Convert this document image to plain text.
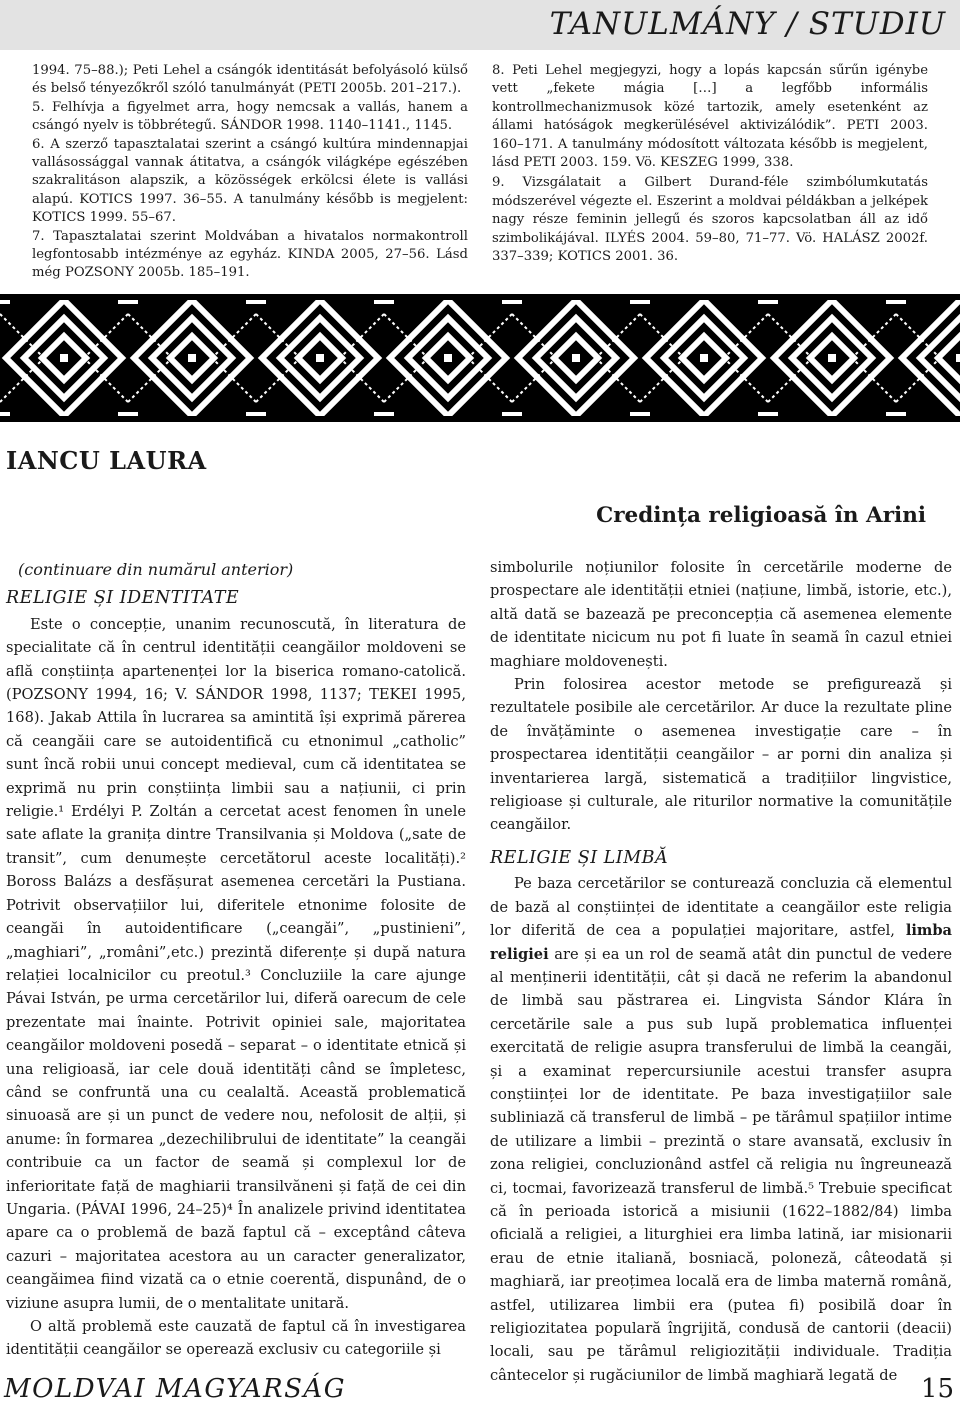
TANULMÁNY / STUDIU

1994. 75–88.); Peti Lehel a csángók identitását befolyásoló külső és belső tényezőkről szóló tanulmányát (PETI 2005b. 201–217.).

5. Felhívja a figyelmet arra, hogy nemcsak a vallás, hanem a csángó nyelv is többrétegű. SÁNDOR 1998. 1140–1141., 1145.

6. A szerző tapasztalatai szerint a csángó kultúra mindennapjai vallásossággal vannak átitatva, a csángók világképe egészében szakralitáson alapszik, a közösségek erkölcsi élete is vallási alapú. KOTICS 1997. 36–55. A tanulmány később is megjelent: KOTICS 1999. 55–67.

7. Tapasztalatai szerint Moldvában a hivatalos normakontroll legfontosabb intézménye az egyház. KINDA 2005, 27–56. Lásd még POZSONY 2005b. 185–191.

8. Peti Lehel megjegyzi, hogy a lopás kapcsán sűrűn igénybe vett „fekete mágia […] a legfőbb informális kontrollmechanizmusok közé tartozik, amely esetenként az állami hatóságok megkerülésével aktivizálódik”. PETI 2003. 160–171. A tanulmány módosított változata később is megjelent, lásd PETI 2003. 159. Vö. KESZEG 1999, 338.

9. Vizsgálatait a Gilbert Durand-féle szimbólumkutatás módszerével végezte el. Eszerint a moldvai példákban a jelképek nagy része feminin jellegű és szoros kapcsolatban áll az idő szimbolikájával. ILYÉS 2004. 59–80, 71–77. Vö. HALÁSZ 2002f. 337–339; KOTICS 2001. 36.

IANCU LAURA
Credința religioasă în Arini

(continuare din numărul anterior)

RELIGIE ȘI IDENTITATE

Este o concepție, unanim recunoscută, în literatura de specialitate că în centrul identității ceangăilor moldoveni se află conștiința apartenenței lor la biserica romano-catolică. (POZSONY 1994, 16; V. SÁNDOR 1998, 1137; TEKEI 1995, 168). Jakab Attila în lucrarea sa amintită își exprimă părerea că ceangăii care se autoidentifică cu etnonimul „catholic” sunt încă robii unui concept medieval, cum că identitatea se exprimă nu prin conștiința limbii sau a națiunii, ci prin religie.¹ Erdélyi P. Zoltán a cercetat acest fenomen în unele sate aflate la granița dintre Transilvania și Moldova („sate de transit”, cum denumește cercetătorul aceste localități).² Boross Balázs a desfășurat asemenea cercetări la Pustiana. Potrivit observațiilor lui, diferitele etnonime folosite de ceangăi în autoidentificare („ceangăi”, „pustinieni”, „maghiari”, „români”,etc.) prezintă diferențe și după natura relației localnicilor cu preotul.³ Concluziile la care ajunge Pávai István, pe urma cercetărilor lui, diferă oarecum de cele prezentate mai înainte. Potrivit opiniei sale, majoritatea ceangăilor moldoveni posedă – separat – o identitate etnică și una religioasă, iar cele două identități când se împletesc, când se confruntă una cu cealaltă. Această problematică sinuoasă are și un punct de vedere nou, nefolosit de alții, și anume: în formarea „dezechilibrului de identitate” la ceangăi contribuie ca un factor de seamă și complexul lor de inferioritate față de maghiarii transilvăneni și față de cei din Ungaria. (PÁVAI 1996, 24–25)⁴ În analizele privind identitatea apare ca o problemă de bază faptul că – exceptând câteva cazuri – majoritatea acestora au un caracter generalizator, ceangăimea fiind vizată ca o etnie coerentă, dispunând, de o viziune asupra lumii, de o mentalitate unitară.

O altă problemă este cauzată de faptul că în investigarea identității ceangăilor se operează exclusiv cu categoriile și

simbolurile noțiunilor folosite în cercetările moderne de prospectare ale identității etniei (națiune, limbă, istorie, etc.), altă dată se bazează pe preconcepția că asemenea elemente de identitate nicicum nu pot fi luate în seamă în cazul etniei maghiare moldovenești.

Prin folosirea acestor metode se prefigurează și rezultatele posibile ale cercetărilor. Ar duce la rezultate pline de învățăminte o asemenea investigație care – în prospectarea identității ceangăilor – ar porni din analiza și inventarierea largă, sistematică a tradițiilor lingvistice, religioase și culturale, ale riturilor normative la comunitățile ceangăilor.

RELIGIE ȘI LIMBĂ

Pe baza cercetărilor se conturează concluzia că elementul de bază al conștiinței de identitate a ceangăilor este religia lor diferită de cea a populației majoritare, astfel, limba religiei are și ea un rol de seamă atât din punctul de vedere al menținerii identității, cât și dacă ne referim la abandonul de limbă sau păstrarea ei. Lingvista Sándor Klára în cercetările sale a pus sub lupă problematica influenței exercitată de religie asupra transferului de limbă la ceangăi, și a examinat repercursiunile acestui transfer asupra conștiinței lor de identitate. Pe baza investigațiilor sale subliniază că transferul de limbă – pe tărâmul spațiilor intime de utilizare a limbii – prezintă o stare avansată, exclusiv în zona religiei, concluzionând astfel că religia nu îngreunează ci, tocmai, favorizează transferul de limbă.⁵ Trebuie specificat că în perioada istorică a misiunii (1622–1882/84) limba oficială a religiei, a liturghiei era limba latină, iar misionarii erau de etnie italiană, bosniacă, poloneză, câteodată și maghiară, iar preoțimea locală era de limba maternă română, astfel, utilizarea limbii era (putea fi) posibilă doar în religiozitatea populară îngrijită, condusă de cantorii (deacii) locali, sau pe tărâmul religiozității individuale. Tradiția cântecelor și rugăciunilor de limbă maghiară legată de

MOLDVAI MAGYARSÁG	15
